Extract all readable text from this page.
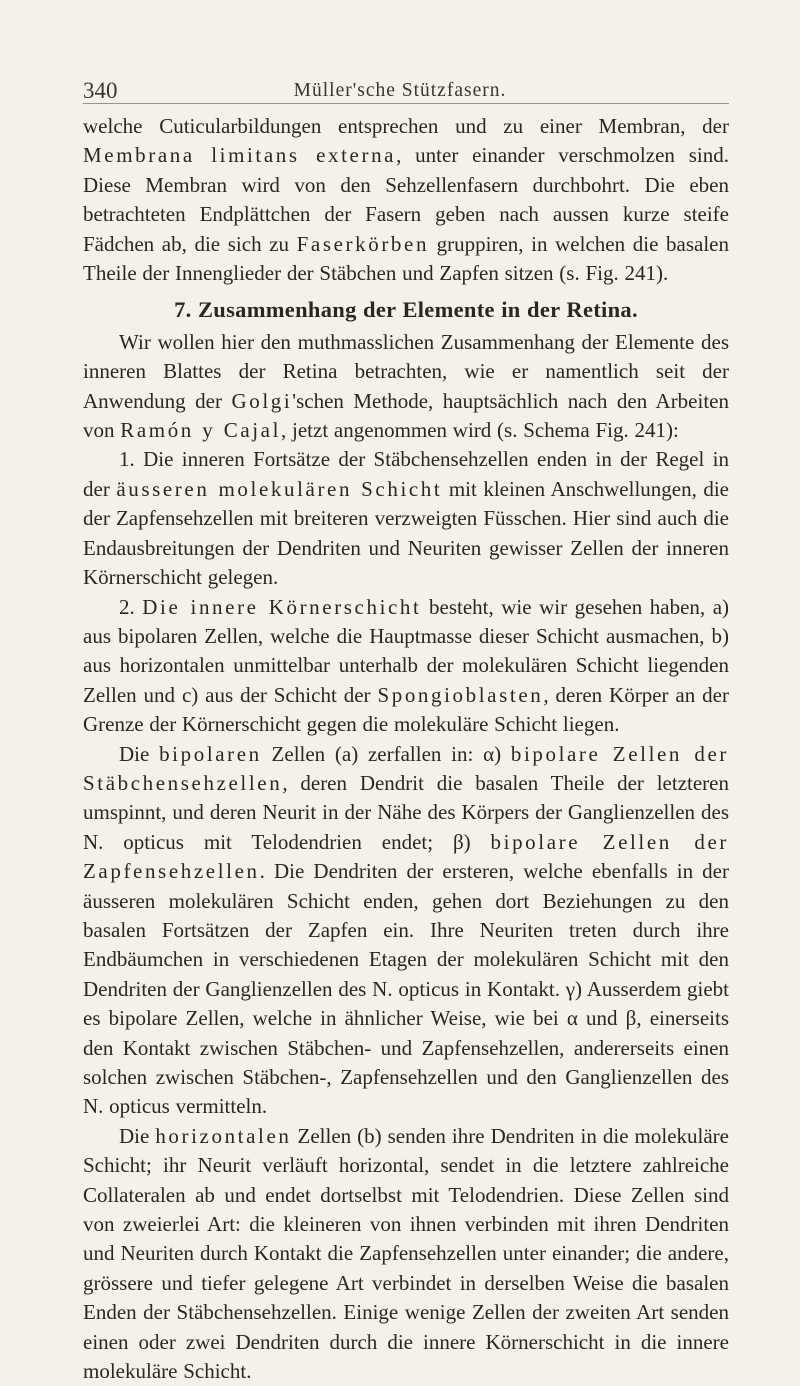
340	Müller'sche Stützfasern.

welche Cuticularbildungen entsprechen und zu einer Membran, der Membrana limitans externa, unter einander verschmolzen sind. Diese Membran wird von den Sehzellenfasern durchbohrt. Die eben betrachteten Endplättchen der Fasern geben nach aussen kurze steife Fädchen ab, die sich zu Faserkörben gruppiren, in welchen die basalen Theile der Innenglieder der Stäbchen und Zapfen sitzen (s. Fig. 241).

7. Zusammenhang der Elemente in der Retina.

Wir wollen hier den muthmasslichen Zusammenhang der Elemente des inneren Blattes der Retina betrachten, wie er namentlich seit der Anwendung der Golgi'schen Methode, hauptsächlich nach den Arbeiten von Ramón y Cajal, jetzt angenommen wird (s. Schema Fig. 241):

1. Die inneren Fortsätze der Stäbchensehzellen enden in der Regel in der äusseren molekulären Schicht mit kleinen Anschwellungen, die der Zapfensehzellen mit breiteren verzweigten Füsschen. Hier sind auch die Endausbreitungen der Dendriten und Neuriten gewisser Zellen der inneren Körnerschicht gelegen.

2. Die innere Körnerschicht besteht, wie wir gesehen haben, a) aus bipolaren Zellen, welche die Hauptmasse dieser Schicht ausmachen, b) aus horizontalen unmittelbar unterhalb der molekulären Schicht liegenden Zellen und c) aus der Schicht der Spongioblasten, deren Körper an der Grenze der Körnerschicht gegen die molekuläre Schicht liegen.

Die bipolaren Zellen (a) zerfallen in: α) bipolare Zellen der Stäbchensehzellen, deren Dendrit die basalen Theile der letzteren umspinnt, und deren Neurit in der Nähe des Körpers der Ganglienzellen des N. opticus mit Telodendrien endet; β) bipolare Zellen der Zapfensehzellen. Die Dendriten der ersteren, welche ebenfalls in der äusseren molekulären Schicht enden, gehen dort Beziehungen zu den basalen Fortsätzen der Zapfen ein. Ihre Neuriten treten durch ihre Endbäumchen in verschiedenen Etagen der molekulären Schicht mit den Dendriten der Ganglienzellen des N. opticus in Kontakt. γ) Ausserdem giebt es bipolare Zellen, welche in ähnlicher Weise, wie bei α und β, einerseits den Kontakt zwischen Stäbchen- und Zapfensehzellen, andererseits einen solchen zwischen Stäbchen-, Zapfensehzellen und den Ganglienzellen des N. opticus vermitteln.

Die horizontalen Zellen (b) senden ihre Dendriten in die molekuläre Schicht; ihr Neurit verläuft horizontal, sendet in die letztere zahlreiche Collateralen ab und endet dortselbst mit Telodendrien. Diese Zellen sind von zweierlei Art: die kleineren von ihnen verbinden mit ihren Dendriten und Neuriten durch Kontakt die Zapfensehzellen unter einander; die andere, grössere und tiefer gelegene Art verbindet in derselben Weise die basalen Enden der Stäbchensehzellen. Einige wenige Zellen der zweiten Art senden einen oder zwei Dendriten durch die innere Körnerschicht in die innere molekuläre Schicht.
